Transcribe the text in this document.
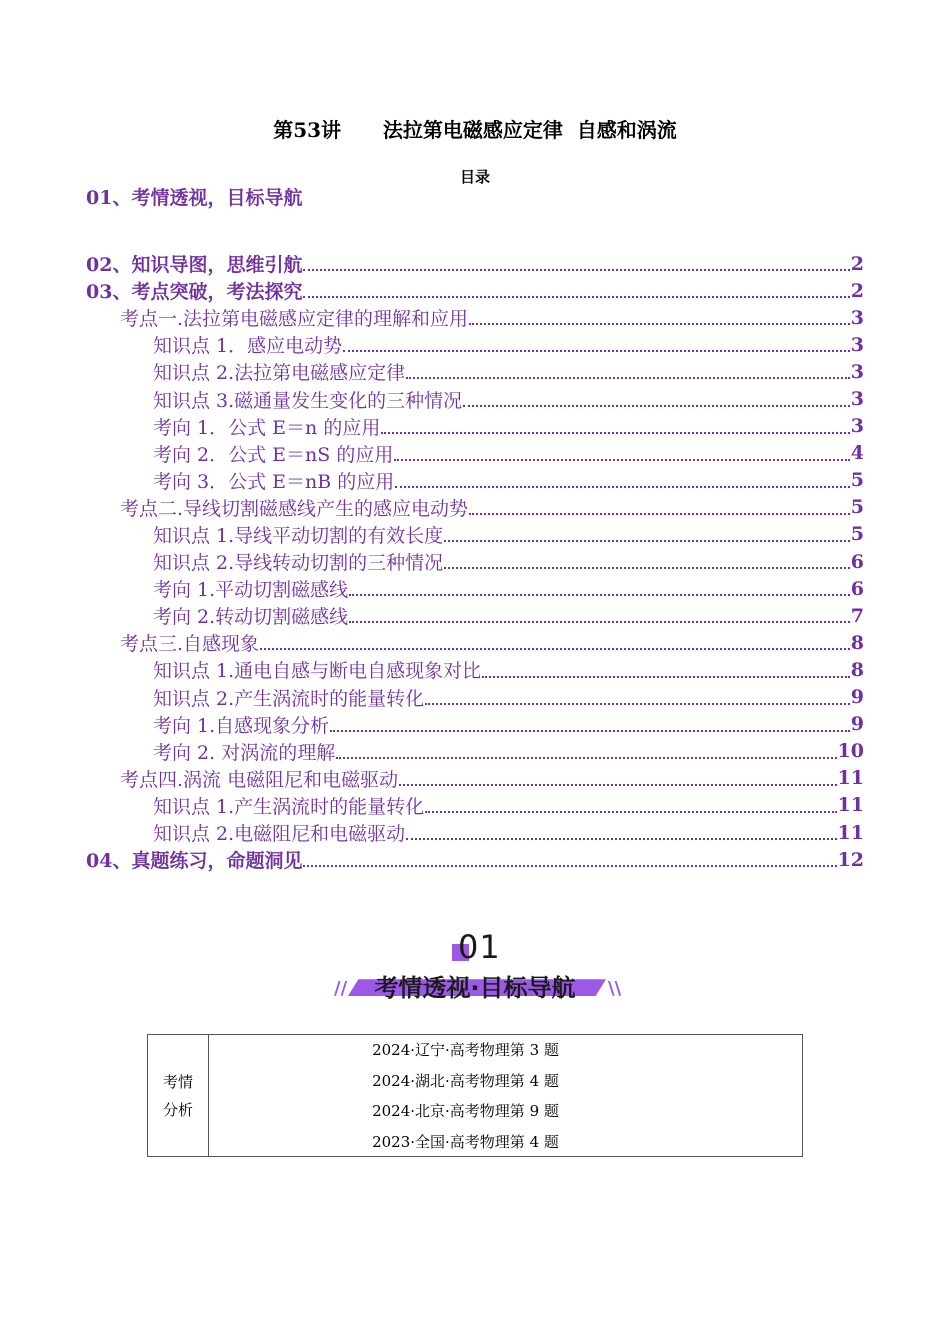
第53讲      法拉第电磁感应定律  自感和涡流
目录
01、考情透视，目标导航
02、知识导图，思维引航	2
03、考点突破，考法探究	2
考点一.法拉第电磁感应定律的理解和应用	3
知识点 1．感应电动势	3
知识点 2.法拉第电磁感应定律	3
知识点 3.磁通量发生变化的三种情况	3
考向 1．公式 E＝n 的应用	3
考向 2．公式 E＝nS 的应用	4
考向 3．公式 E＝nB 的应用	5
考点二.导线切割磁感线产生的感应电动势	5
知识点 1.导线平动切割的有效长度	5
知识点 2.导线转动切割的三种情况	6
考向 1.平动切割磁感线	6
考向 2.转动切割磁感线	7
考点三.自感现象	8
知识点 1.通电自感与断电自感现象对比	8
知识点 2.产生涡流时的能量转化	9
考向 1.自感现象分析	9
考向 2. 对涡流的理解	10
考点四.涡流 电磁阻尼和电磁驱动	11
知识点 1.产生涡流时的能量转化	11
知识点 2.电磁阻尼和电磁驱动	11
04、真题练习，命题洞见	12
01
考情透视·目标导航
//	\\
考情
分析
2024·辽宁·高考物理第 3 题
2024·湖北·高考物理第 4 题
2024·北京·高考物理第 9 题
2023·全国·高考物理第 4 题
